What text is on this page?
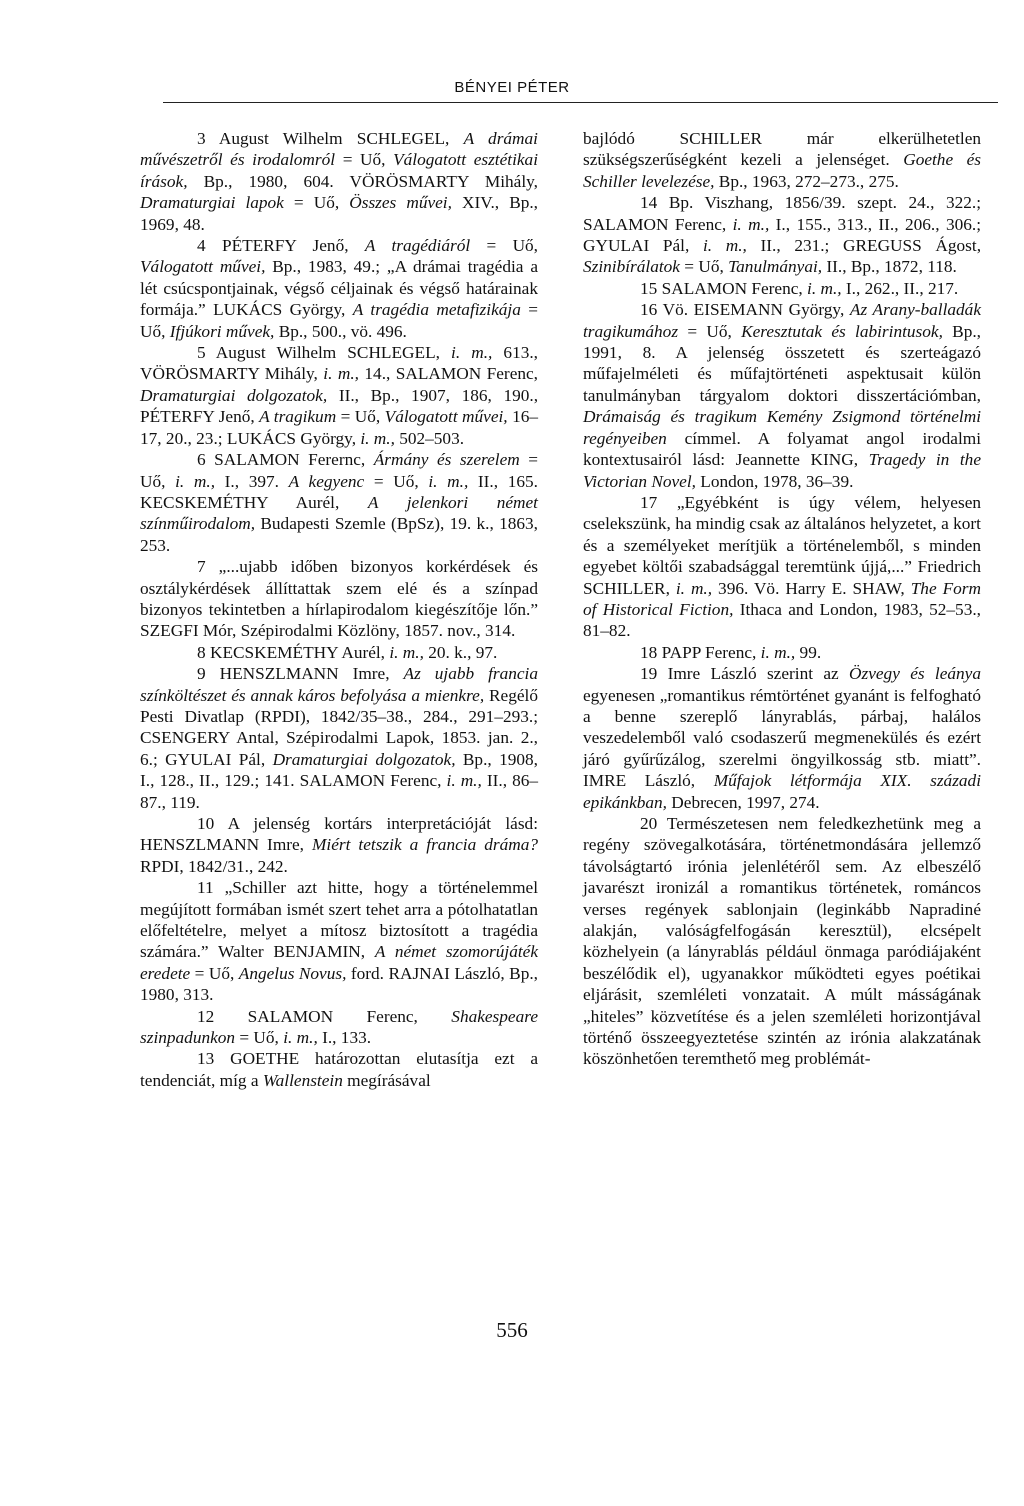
BÉNYEI PÉTER

3 August Wilhelm SCHLEGEL, A drámai művészetről és irodalomról = Uő, Válogatott esztétikai írások, Bp., 1980, 604. VÖRÖSMARTY Mihály, Dramaturgiai lapok = Uő, Összes művei, XIV., Bp., 1969, 48.

4 PÉTERFY Jenő, A tragédiáról = Uő, Válogatott művei, Bp., 1983, 49.; „A drámai tragédia a lét csúcspontjainak, végső céljainak és végső határainak formája.” LUKÁCS György, A tragédia metafizikája = Uő, Ifjúkori művek, Bp., 500., vö. 496.

5 August Wilhelm SCHLEGEL, i. m., 613., VÖRÖSMARTY Mihály, i. m., 14., SALAMON Ferenc, Dramaturgiai dolgozatok, II., Bp., 1907, 186, 190., PÉTERFY Jenő, A tragikum = Uő, Válogatott művei, 16–17, 20., 23.; LUKÁCS György, i. m., 502–503.

6 SALAMON Ferernc, Ármány és szerelem = Uő, i. m., I., 397. A kegyenc = Uő, i. m., II., 165. KECSKEMÉTHY Aurél, A jelenkori német színműirodalom, Budapesti Szemle (BpSz), 19. k., 1863, 253.

7 „...ujabb időben bizonyos korkérdések és osztálykérdések állíttattak szem elé és a színpad bizonyos tekintetben a hírlapirodalom kiegészítője lőn.” SZEGFI Mór, Szépirodalmi Közlöny, 1857. nov., 314.

8 KECSKEMÉTHY Aurél, i. m., 20. k., 97.

9 HENSZLMANN Imre, Az ujabb francia színköltészet és annak káros befolyása a mienkre, Regélő Pesti Divatlap (RPDI), 1842/35–38., 284., 291–293.; CSENGERY Antal, Szépirodalmi Lapok, 1853. jan. 2., 6.; GYULAI Pál, Dramaturgiai dolgozatok, Bp., 1908, I., 128., II., 129.; 141. SALAMON Ferenc, i. m., II., 86–87., 119.

10 A jelenség kortárs interpretációját lásd: HENSZLMANN Imre, Miért tetszik a francia dráma? RPDI, 1842/31., 242.

11 „Schiller azt hitte, hogy a történelemmel megújított formában ismét szert tehet arra a pótolhatatlan előfeltételre, melyet a mítosz biztosított a tragédia számára.” Walter BENJAMIN, A német szomorújáték eredete = Uő, Angelus Novus, ford. RAJNAI László, Bp., 1980, 313.

12 SALAMON Ferenc, Shakespeare szinpadunkon = Uő, i. m., I., 133.

13 GOETHE határozottan elutasítja ezt a tendenciát, míg a Wallenstein megírásával

bajlódó SCHILLER már elkerülhetetlen szükségszerűségként kezeli a jelenséget. Goethe és Schiller levelezése, Bp., 1963, 272–273., 275.

14 Bp. Viszhang, 1856/39. szept. 24., 322.; SALAMON Ferenc, i. m., I., 155., 313., II., 206., 306.; GYULAI Pál, i. m., II., 231.; GREGUSS Ágost, Szinibírálatok = Uő, Tanulmányai, II., Bp., 1872, 118.

15 SALAMON Ferenc, i. m., I., 262., II., 217.

16 Vö. EISEMANN György, Az Arany-balladák tragikumához = Uő, Keresztutak és labirintusok, Bp., 1991, 8. A jelenség összetett és szerteágazó műfajelméleti és műfajtörténeti aspektusait külön tanulmányban tárgyalom doktori disszertációmban, Drámaiság és tragikum Kemény Zsigmond történelmi regényeiben címmel. A folyamat angol irodalmi kontextusairól lásd: Jeannette KING, Tragedy in the Victorian Novel, London, 1978, 36–39.

17 „Egyébként is úgy vélem, helyesen cselekszünk, ha mindig csak az általános helyzetet, a kort és a személyeket merítjük a történelemből, s minden egyebet költői szabadsággal teremtünk újjá,...” Friedrich SCHILLER, i. m., 396. Vö. Harry E. SHAW, The Form of Historical Fiction, Ithaca and London, 1983, 52–53., 81–82.

18 PAPP Ferenc, i. m., 99.

19 Imre László szerint az Özvegy és leánya egyenesen „romantikus rémtörténet gyanánt is felfogható a benne szereplő lányrablás, párbaj, halálos veszedelemből való csodaszerű megmenekülés és ezért járó gyűrűzálog, szerelmi öngyilkosság stb. miatt”. IMRE László, Műfajok létformája XIX. századi epikánkban, Debrecen, 1997, 274.

20 Természetesen nem feledkezhetünk meg a regény szövegalkotására, történetmondására jellemző távolságtartó irónia jelenlétéről sem. Az elbeszélő javarészt ironizál a romantikus történetek, románcos verses regények sablonjain (leginkább Napradiné alakján, valóságfelfogásán keresztül), elcsépelt közhelyein (a lányrablás például önmaga paródiájaként beszélődik el), ugyanakkor működteti egyes poétikai eljárásit, szemléleti vonzatait. A múlt másságának „hiteles” közvetítése és a jelen szemléleti horizontjával történő összeegyeztetése szintén az irónia alakzatának köszönhetően teremthető meg problémát-

556
